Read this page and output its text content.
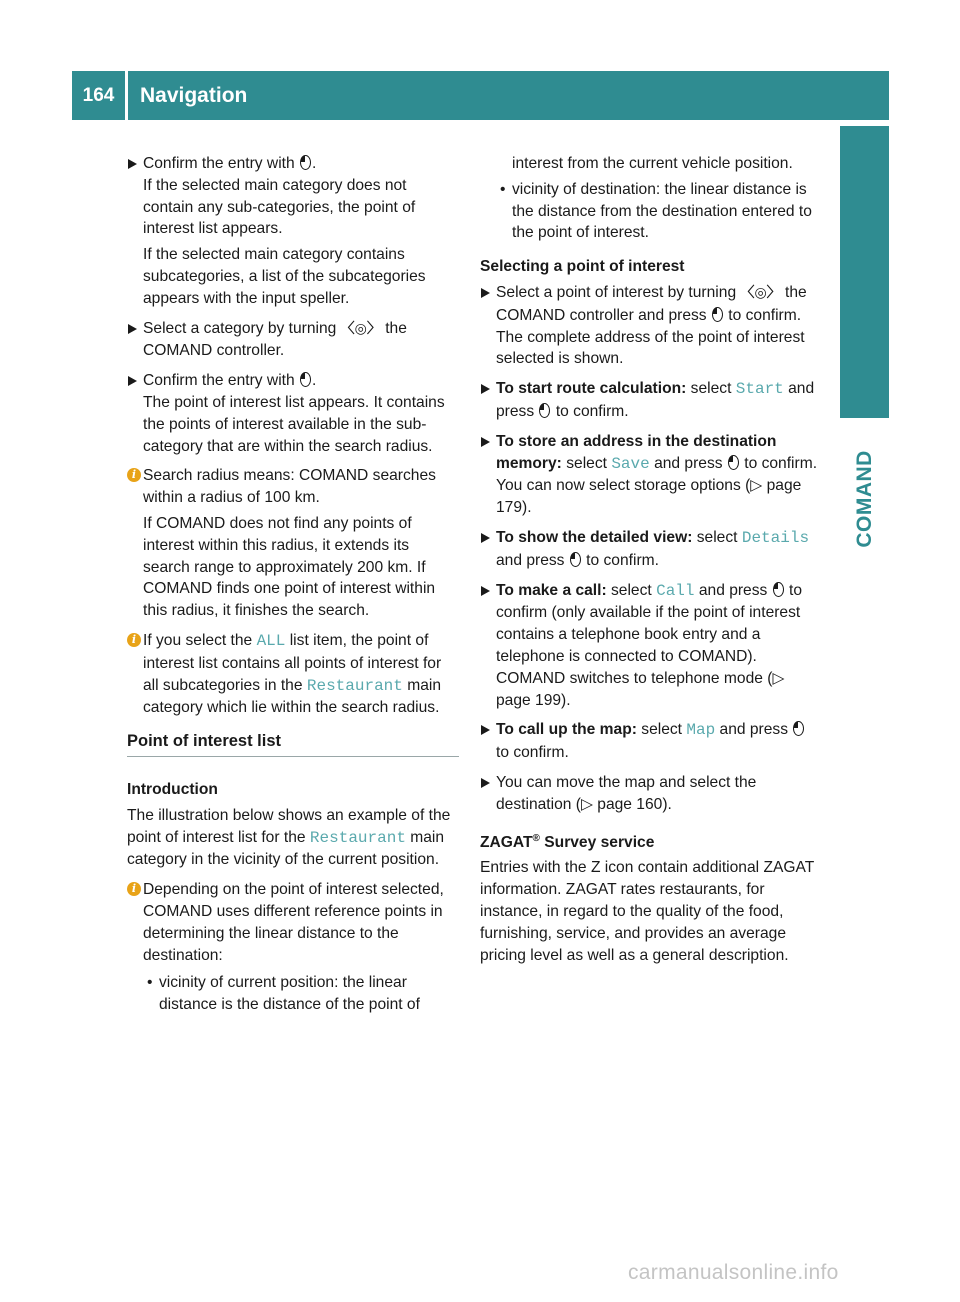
164	Navigation
COMAND

Confirm the entry with .

If the selected main category does not contain any sub-categories, the point of interest list appears.

If the selected main category contains subcategories, a list of the subcategories appears with the input speller.

Select a category by turning 〈◎〉 the COMAND controller.

Confirm the entry with .

The point of interest list appears. It contains the points of interest available in the sub-category that are within the search radius.

i Search radius means: COMAND searches within a radius of 100 km.

If COMAND does not find any points of interest within this radius, it extends its search range to approximately 200 km. If COMAND finds one point of interest within this radius, it finishes the search.

i If you select the ALL list item, the point of interest list contains all points of interest for all subcategories in the Restaurant main category which lie within the search radius.

Point of interest list
Introduction

The illustration below shows an example of the point of interest list for the Restaurant main category in the vicinity of the current position.

i Depending on the point of interest selected, COMAND uses different reference points in determining the linear distance to the destination:

• vicinity of current position: the linear distance is the distance of the point of

interest from the current vehicle position.

• vicinity of destination: the linear distance is the distance from the destination entered to the point of interest.
Selecting a point of interest

Select a point of interest by turning 〈◎〉 the COMAND controller and press to confirm.

The complete address of the point of interest selected is shown.

To start route calculation: select Start and press to confirm.

To store an address in the destination memory: select Save and press to confirm. You can now select storage options (▷ page 179).

To show the detailed view: select Details and press to confirm.

To make a call: select Call and press to confirm (only available if the point of interest contains a telephone book entry and a telephone is connected to COMAND). COMAND switches to telephone mode (▷ page 199).

To call up the map: select Map and press  to confirm.

You can move the map and select the destination (▷ page 160).

ZAGAT® Survey service

Entries with the Z icon contain additional ZAGAT information. ZAGAT rates restaurants, for instance, in regard to the quality of the food, furnishing, service, and provides an average pricing level as well as a general description.

carmanualsonline.info
